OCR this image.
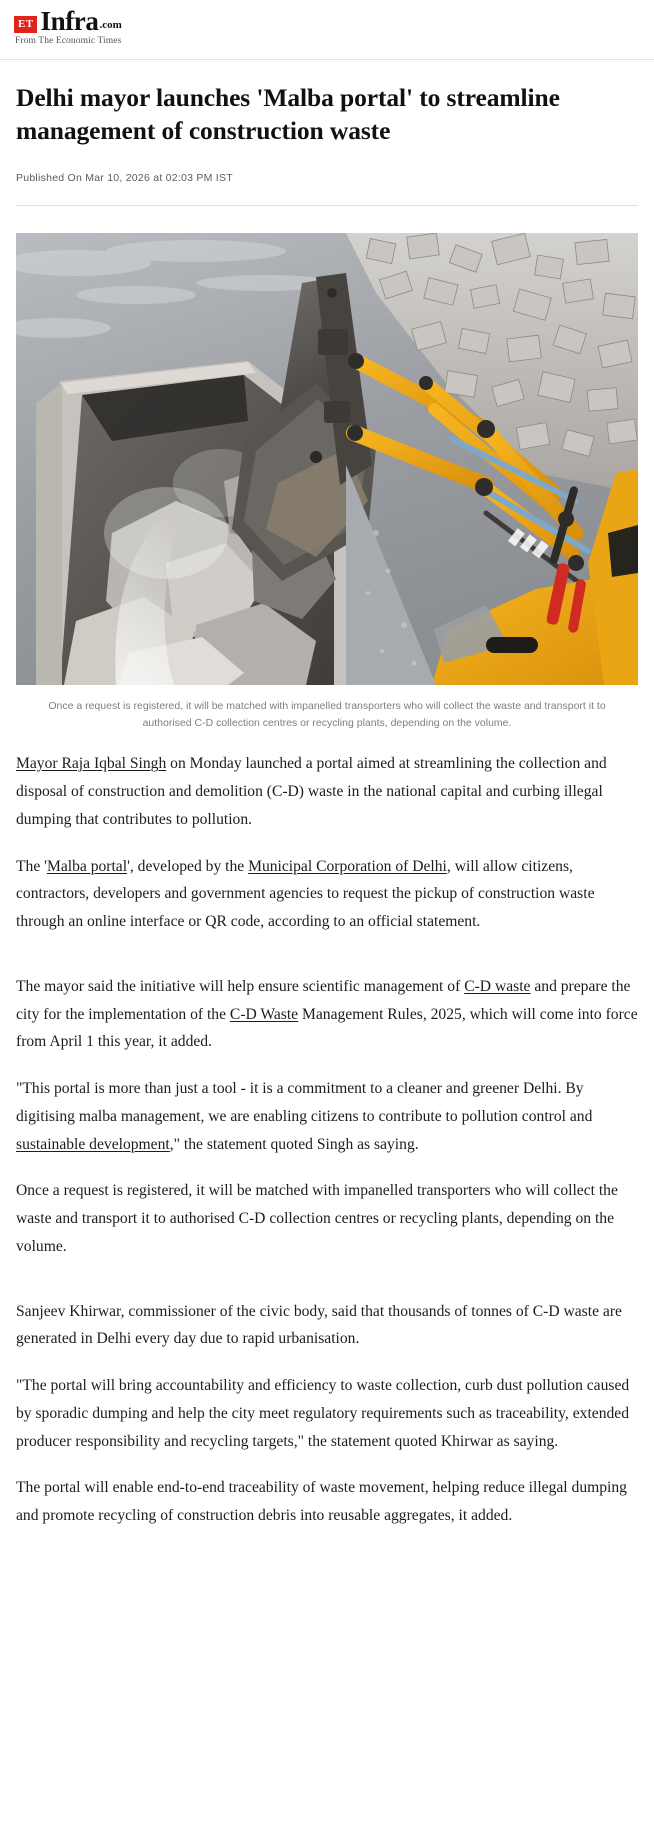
ET Infra .com
From The Economic Times
Delhi mayor launches 'Malba portal' to streamline management of construction waste
Published On Mar 10, 2026 at 02:03 PM IST
Once a request is registered, it will be matched with impanelled transporters who will collect the waste and transport it to authorised C-D collection centres or recycling plants, depending on the volume.

Mayor Raja Iqbal Singh on Monday launched a portal aimed at streamlining the collection and disposal of construction and demolition (C-D) waste in the national capital and curbing illegal dumping that contributes to pollution.

The 'Malba portal', developed by the Municipal Corporation of Delhi, will allow citizens, contractors, developers and government agencies to request the pickup of construction waste through an online interface or QR code, according to an official statement.

The mayor said the initiative will help ensure scientific management of C-D waste and prepare the city for the implementation of the C-D Waste Management Rules, 2025, which will come into force from April 1 this year, it added.

"This portal is more than just a tool - it is a commitment to a cleaner and greener Delhi. By digitising malba management, we are enabling citizens to contribute to pollution control and sustainable development," the statement quoted Singh as saying.

Once a request is registered, it will be matched with impanelled transporters who will collect the waste and transport it to authorised C-D collection centres or recycling plants, depending on the volume.

Sanjeev Khirwar, commissioner of the civic body, said that thousands of tonnes of C-D waste are generated in Delhi every day due to rapid urbanisation.

"The portal will bring accountability and efficiency to waste collection, curb dust pollution caused by sporadic dumping and help the city meet regulatory requirements such as traceability, extended producer responsibility and recycling targets," the statement quoted Khirwar as saying.

The portal will enable end-to-end traceability of waste movement, helping reduce illegal dumping and promote recycling of construction debris into reusable aggregates, it added.
